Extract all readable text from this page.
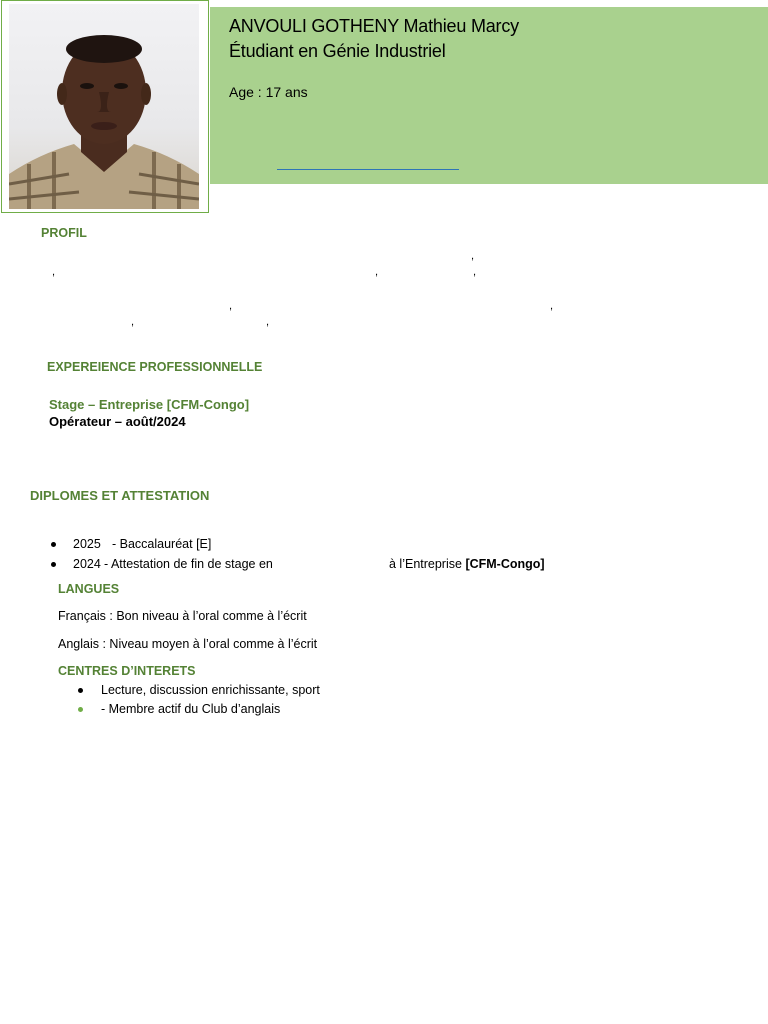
ANVOULI GOTHENY Mathieu Marcy
Étudiant en Génie Industriel
Age : 17 ans
PROFIL
,
,	,	,
,	,
,	,
EXPEREIENCE PROFESSIONNELLE
Stage – Entreprise [CFM-Congo]
Opérateur – août/2024
DIPLOMES ET ATTESTATION
2025 - Baccalauréat [E]
2024 - Attestation de fin de stage en	à l’Entreprise [CFM-Congo]
LANGUES
Français : Bon niveau à l’oral comme à l’écrit
Anglais : Niveau moyen à l’oral comme à l’écrit
CENTRES D’INTERETS
Lecture, discussion enrichissante, sport
- Membre actif du Club d’anglais
